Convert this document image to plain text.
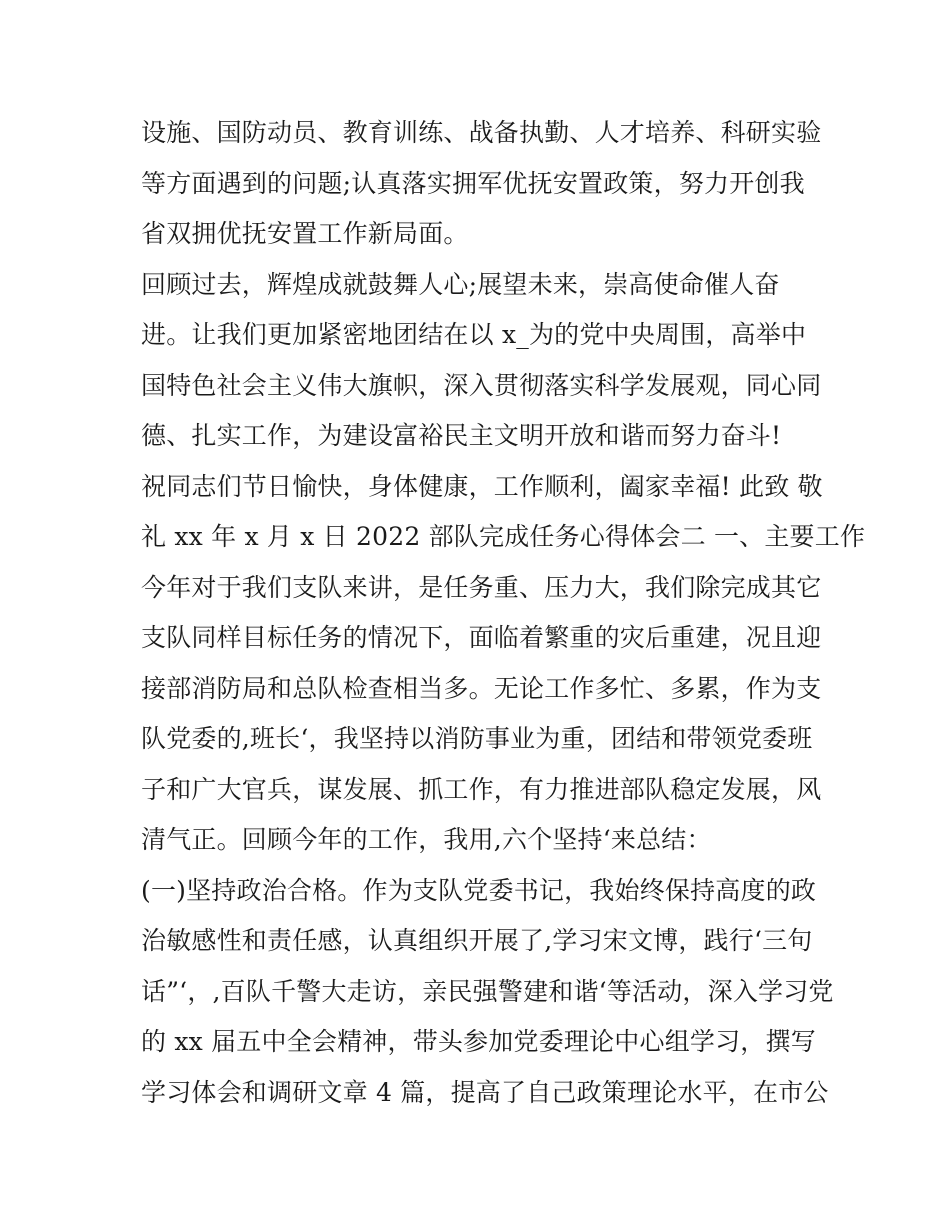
设施、国防动员、教育训练、战备执勤、人才培养、科研实验
等方面遇到的问题;认真落实拥军优抚安置政策，努力开创我
省双拥优抚安置工作新局面。
回顾过去，辉煌成就鼓舞人心;展望未来，崇高使命催人奋
进。让我们更加紧密地团结在以 x_为的党中央周围，高举中
国特色社会主义伟大旗帜，深入贯彻落实科学发展观，同心同
德、扎实工作，为建设富裕民主文明开放和谐而努力奋斗!
祝同志们节日愉快，身体健康，工作顺利，阖家幸福! 此致 敬
礼 xx 年 x 月 x 日 2022 部队完成任务心得体会二 一、主要工作
今年对于我们支队来讲，是任务重、压力大，我们除完成其它
支队同样目标任务的情况下，面临着繁重的灾后重建，况且迎
接部消防局和总队检查相当多。无论工作多忙、多累，作为支
队党委的,班长‘，我坚持以消防事业为重，团结和带领党委班
子和广大官兵，谋发展、抓工作，有力推进部队稳定发展，风
清气正。回顾今年的工作，我用,六个坚持‘来总结：
(一)坚持政治合格。作为支队党委书记，我始终保持高度的政
治敏感性和责任感，认真组织开展了,学习宋文博，践行‘三句
话”‘，,百队千警大走访，亲民强警建和谐‘等活动，深入学习党
的 xx 届五中全会精神，带头参加党委理论中心组学习，撰写
学习体会和调研文章 4 篇，提高了自己政策理论水平，在市公
